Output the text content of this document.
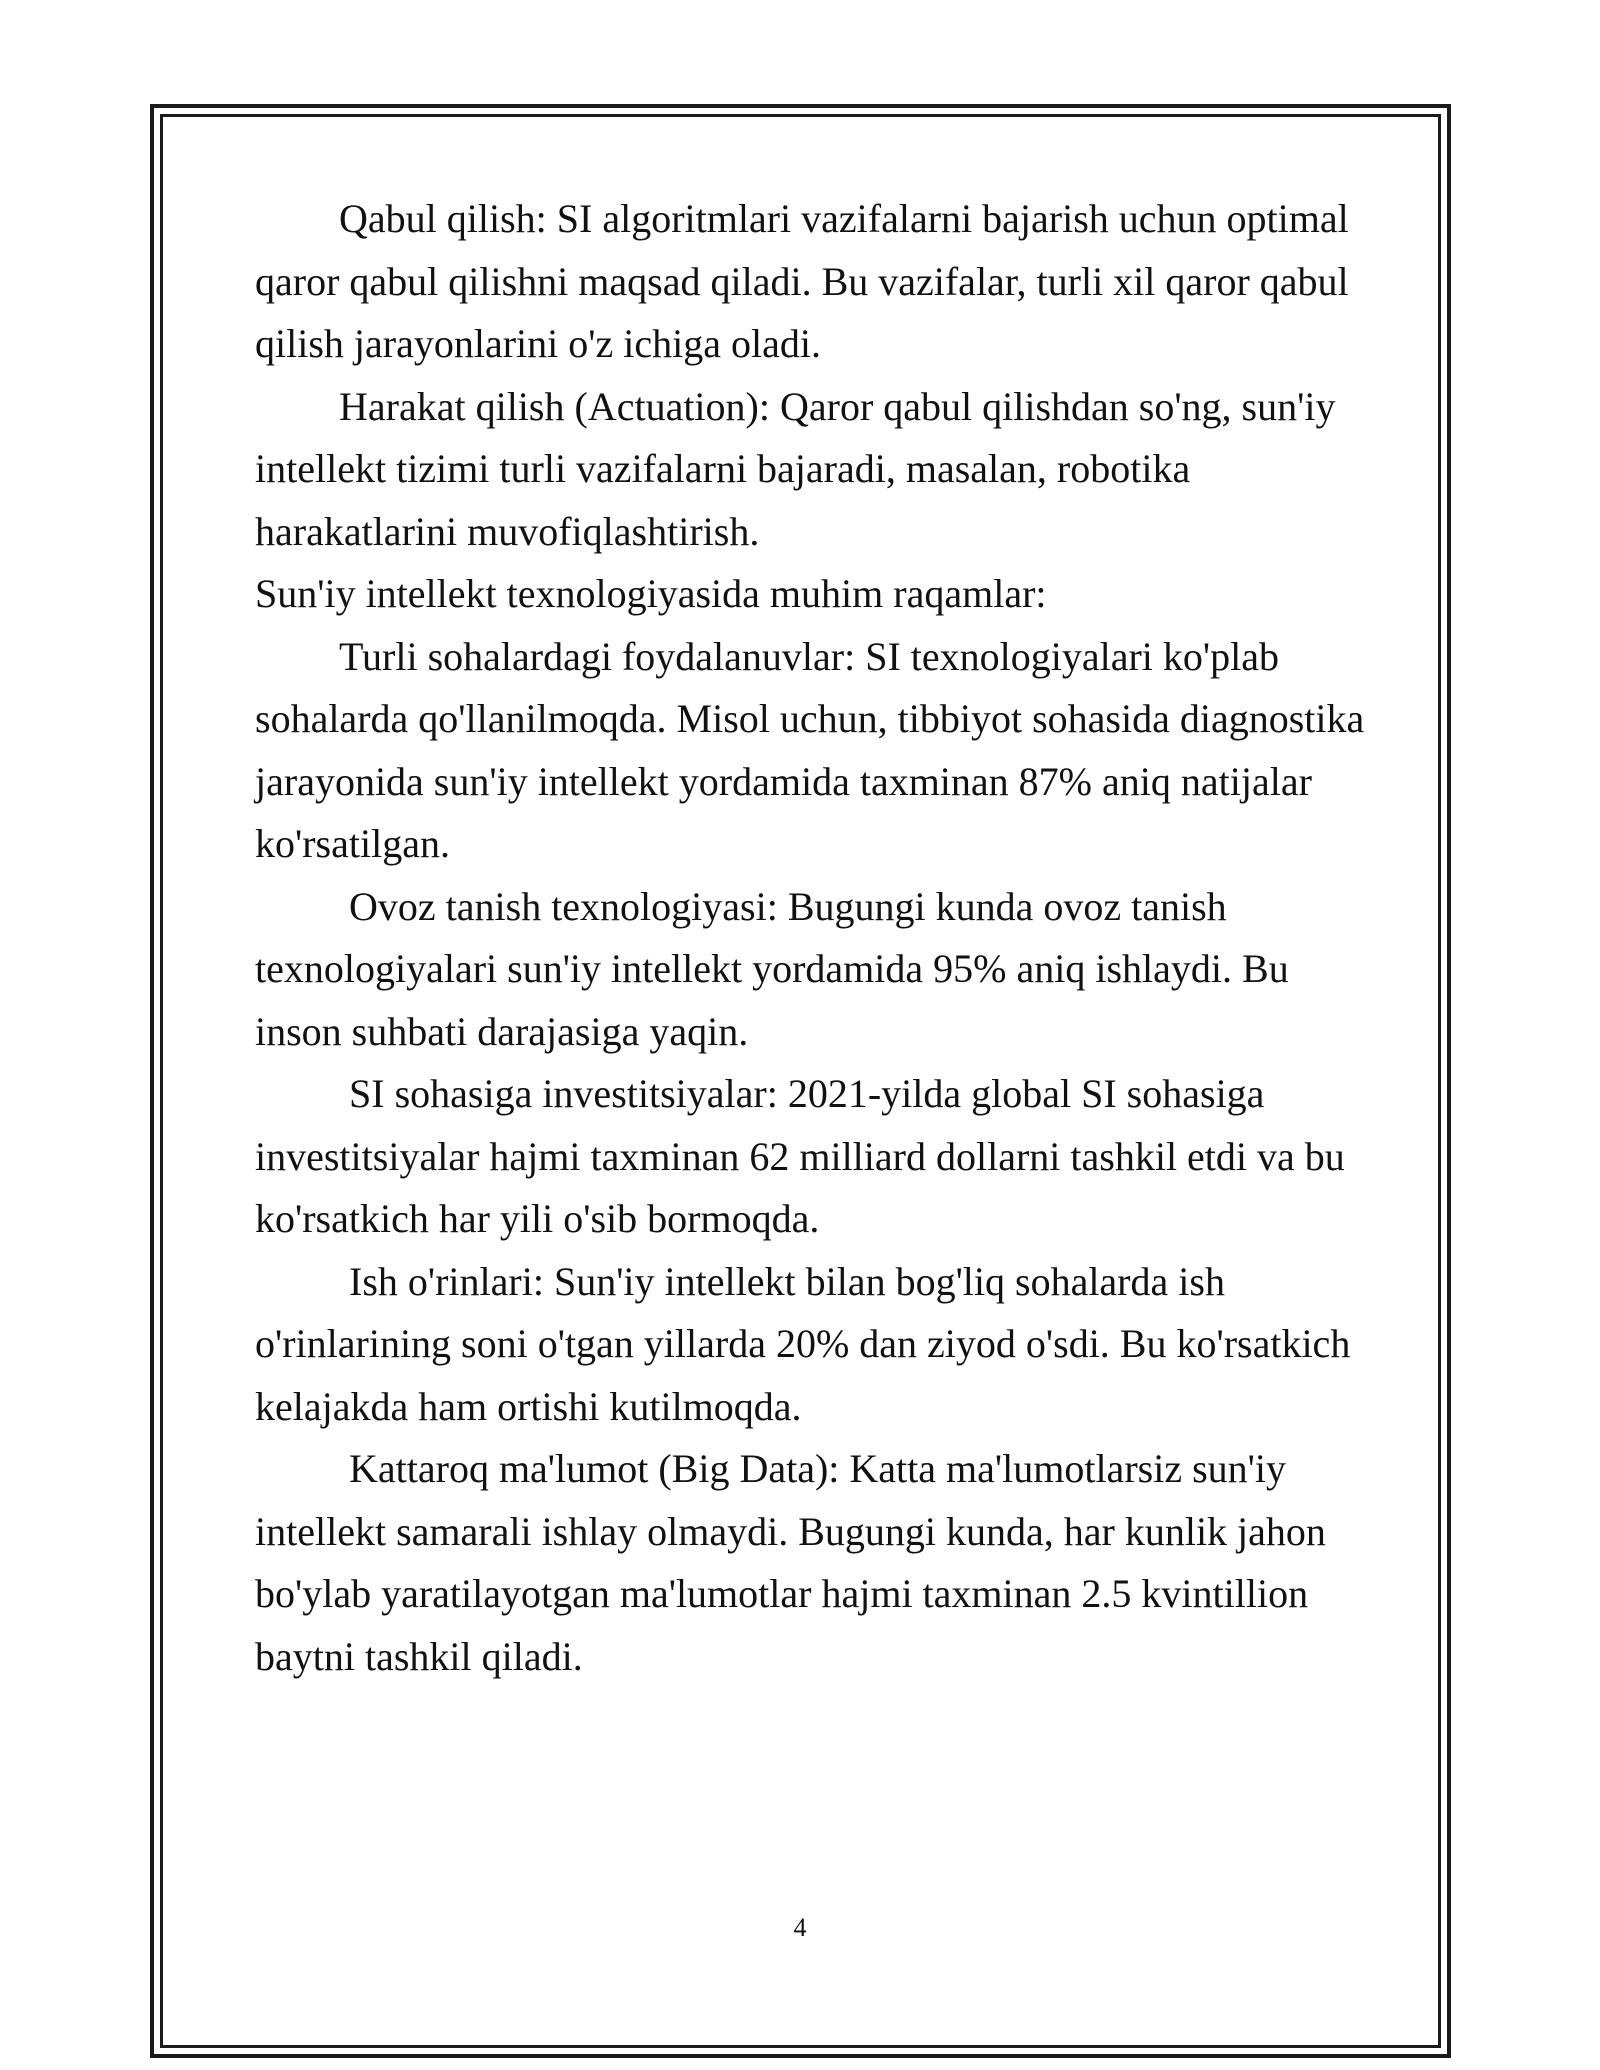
Qabul qilish: SI algoritmlari vazifalarni bajarish uchun optimal qaror qabul qilishni maqsad qiladi. Bu vazifalar, turli xil qaror qabul qilish jarayonlarini o'z ichiga oladi.

Harakat qilish (Actuation): Qaror qabul qilishdan so'ng, sun'iy intellekt tizimi turli vazifalarni bajaradi, masalan, robotika harakatlarini muvofiqlashtirish.

Sun'iy intellekt texnologiyasida muhim raqamlar:

Turli sohalardagi foydalanuvlar: SI texnologiyalari ko'plab sohalarda qo'llanilmoqda. Misol uchun, tibbiyot sohasida diagnostika jarayonida sun'iy intellekt yordamida taxminan 87% aniq natijalar ko'rsatilgan.

Ovoz tanish texnologiyasi: Bugungi kunda ovoz tanish texnologiyalari sun'iy intellekt yordamida 95% aniq ishlaydi. Bu inson suhbati darajasiga yaqin.

SI sohasiga investitsiyalar: 2021-yilda global SI sohasiga investitsiyalar hajmi taxminan 62 milliard dollarni tashkil etdi va bu ko'rsatkich har yili o'sib bormoqda.

Ish o'rinlari: Sun'iy intellekt bilan bog'liq sohalarda ish o'rinlarining soni o'tgan yillarda 20% dan ziyod o'sdi. Bu ko'rsatkich kelajakda ham ortishi kutilmoqda.

Kattaroq ma'lumot (Big Data): Katta ma'lumotlarsiz sun'iy intellekt samarali ishlay olmaydi. Bugungi kunda, har kunlik jahon bo'ylab yaratilayotgan ma'lumotlar hajmi taxminan 2.5 kvintillion baytni tashkil qiladi.

4
